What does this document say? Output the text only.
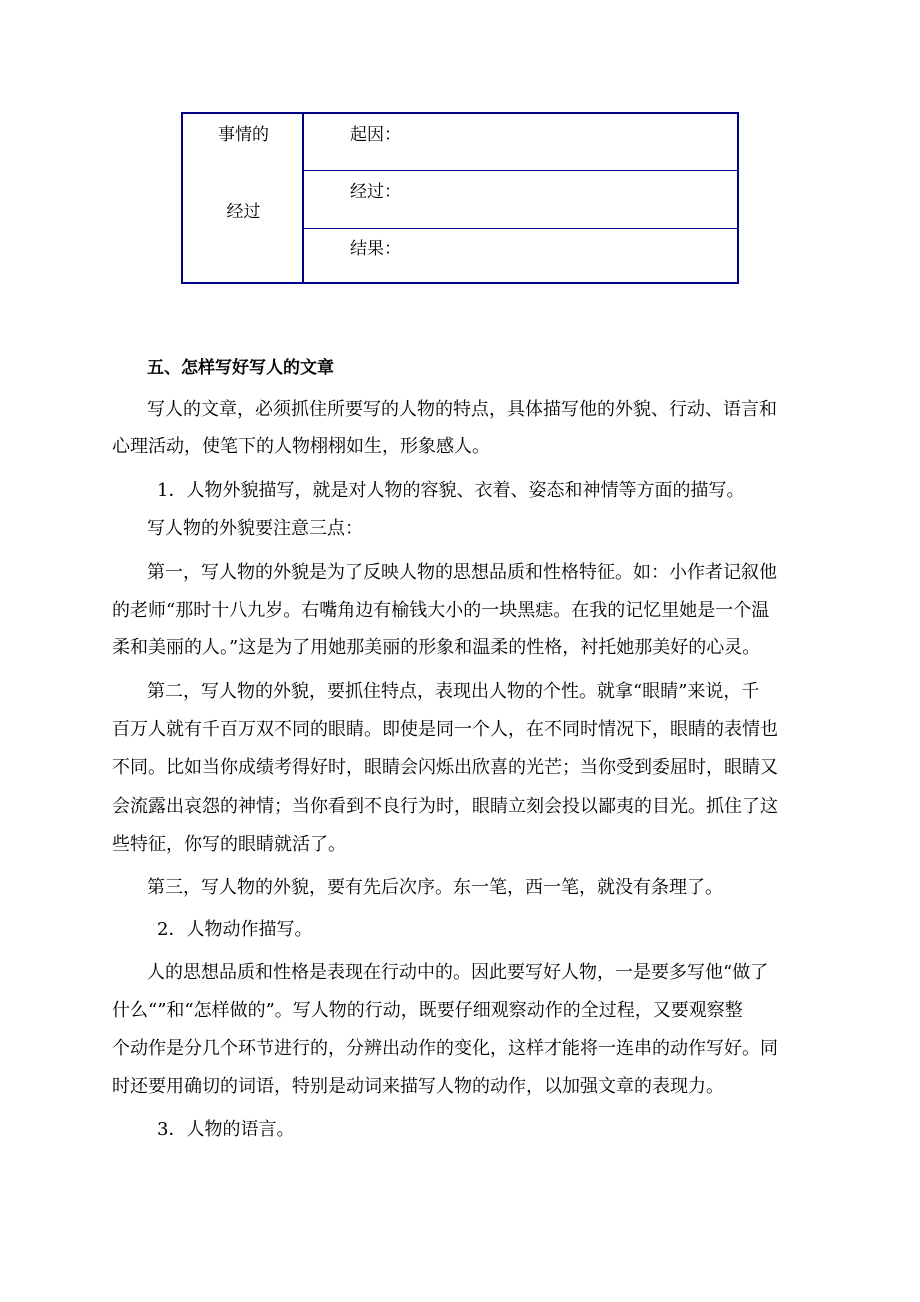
事情的
经过
起因：
经过：
结果：
五、怎样写好写人的文章
写人的文章，必须抓住所要写的人物的特点，具体描写他的外貌、行动、语言和
心理活动，使笔下的人物栩栩如生，形象感人。
1．人物外貌描写，就是对人物的容貌、衣着、姿态和神情等方面的描写。
写人物的外貌要注意三点：
第一，写人物的外貌是为了反映人物的思想品质和性格特征。如：小作者记叙他
的老师“那时十八九岁。右嘴角边有榆钱大小的一块黑痣。在我的记忆里她是一个温
柔和美丽的人。”这是为了用她那美丽的形象和温柔的性格，衬托她那美好的心灵。
第二，写人物的外貌，要抓住特点，表现出人物的个性。就拿“眼睛”来说，千
百万人就有千百万双不同的眼睛。即使是同一个人，在不同时情况下，眼睛的表情也
不同。比如当你成绩考得好时，眼睛会闪烁出欣喜的光芒；当你受到委屈时，眼睛又
会流露出哀怨的神情；当你看到不良行为时，眼睛立刻会投以鄙夷的目光。抓住了这
些特征，你写的眼睛就活了。
第三，写人物的外貌，要有先后次序。东一笔，西一笔，就没有条理了。
2．人物动作描写。
人的思想品质和性格是表现在行动中的。因此要写好人物，一是要多写他“做了
什么“”和“怎样做的”。写人物的行动，既要仔细观察动作的全过程，又要观察整
个动作是分几个环节进行的，分辨出动作的变化，这样才能将一连串的动作写好。同
时还要用确切的词语，特别是动词来描写人物的动作，以加强文章的表现力。
3．人物的语言。
